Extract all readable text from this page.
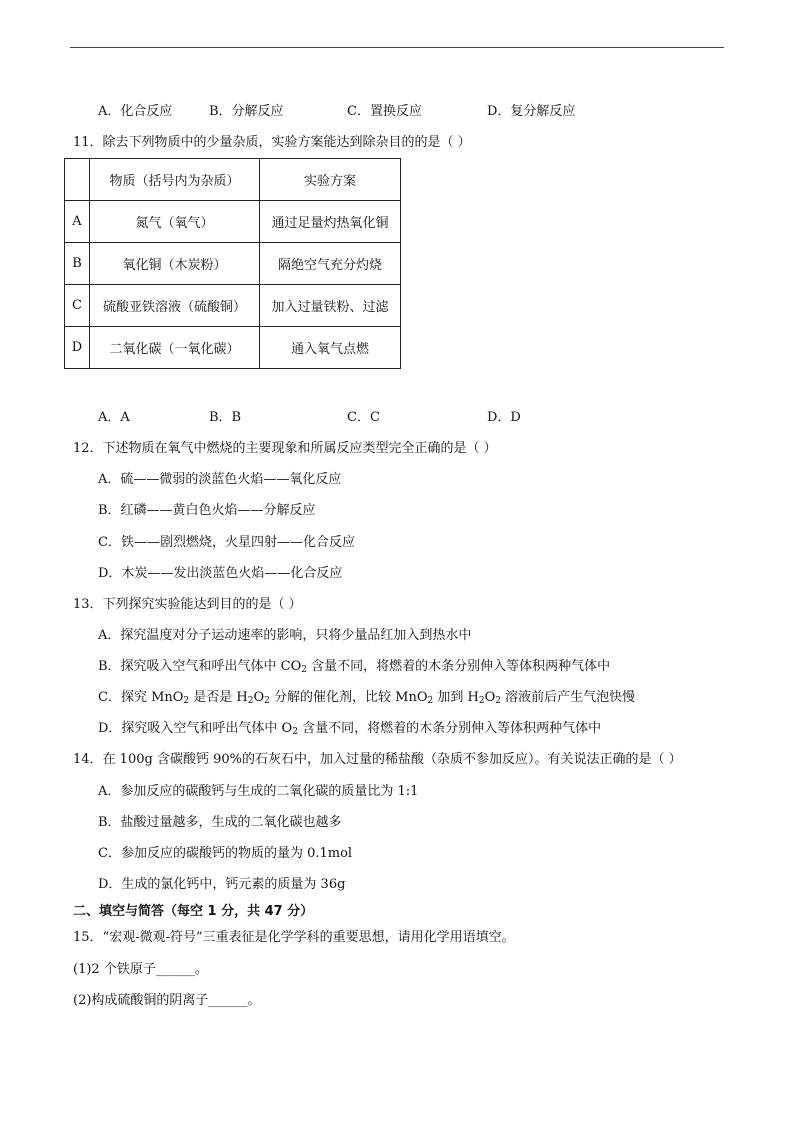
A．化合反应	B．分解反应	C．置换反应	D．复分解反应
11．除去下列物质中的少量杂质，实验方案能达到除杂目的的是（ ）
	物质（括号内为杂质）	实验方案
A	氮气（氧气）	通过足量灼热氧化铜
B	氧化铜（木炭粉）	隔绝空气充分灼烧
C	硫酸亚铁溶液（硫酸铜）	加入过量铁粉、过滤
D	二氧化碳（一氧化碳）	通入氧气点燃
A．A	B．B	C．C	D．D
12．下述物质在氧气中燃烧的主要现象和所属反应类型完全正确的是（ ）
A．硫——微弱的淡蓝色火焰——氧化反应
B．红磷——黄白色火焰——分解反应
C．铁——剧烈燃烧，火星四射——化合反应
D．木炭——发出淡蓝色火焰——化合反应
13．下列探究实验能达到目的的是（ ）
A．探究温度对分子运动速率的影响，只将少量品红加入到热水中
B．探究吸入空气和呼出气体中 $CO_2$ 含量不同，将燃着的木条分别伸入等体积两种气体中
C．探究 MnO$_2$ 是否是 $H_2O_2$ 分解的催化剂，比较 MnO$_2$ 加到 $H_2O_2$ 溶液前后产生气泡快慢
D．探究吸入空气和呼出气体中 $O_2$ 含量不同，将燃着的木条分别伸入等体积两种气体中
14．在 100g 含碳酸钙 90%的石灰石中，加入过量的稀盐酸（杂质不参加反应）。有关说法正确的是（ ）
A．参加反应的碳酸钙与生成的二氧化碳的质量比为 1:1
B．盐酸过量越多，生成的二氧化碳也越多
C．参加反应的碳酸钙的物质的量为 0.1mol
D．生成的氯化钙中，钙元素的质量为 36g
二、填空与简答（每空 1 分，共 47 分）
15．“宏观-微观-符号”三重表征是化学学科的重要思想，请用化学用语填空。
(1)2 个铁原子______。
(2)构成硫酸铜的阴离子______。
